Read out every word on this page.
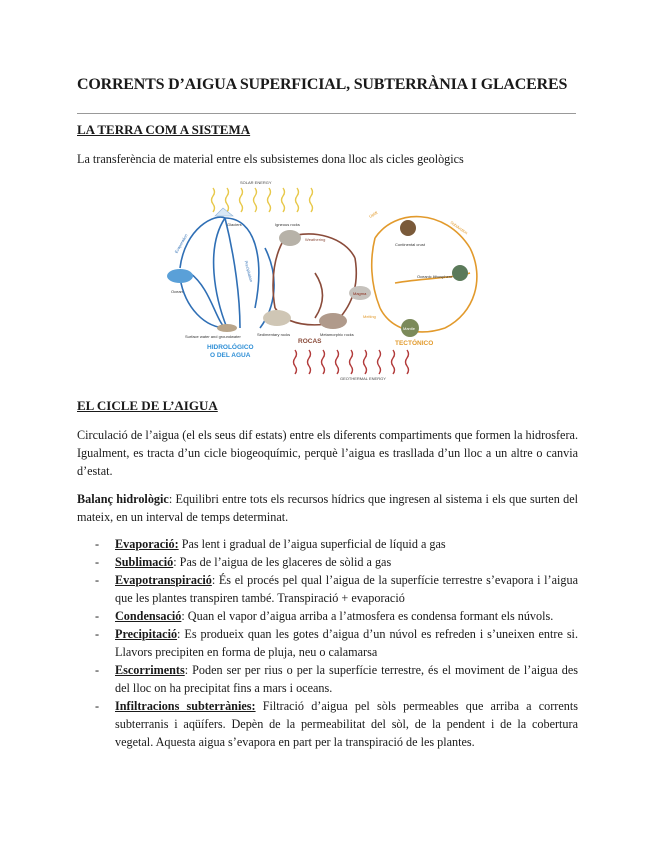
CORRENTS D’AIGUA SUPERFICIAL, SUBTERRÀNIA I GLACERES
LA TERRA COM A SISTEMA

La transferència de material entre els subsistemes dona lloc als cicles geològics

SOLAR ENERGY
Ocean
Glaciers
Surface water and groundwater
Evaporation
Precipitation
Igneous rocks
Sedimentary rocks	Metamorphic rocks
Magma
Weathering
Continental crust
Oceanic lithosphere
Mantle
Subduction
Uplift
Melting
GEOTHERMAL ENERGY
HIDROLÓGICO
O DEL AGUA
ROCAS	TECTÓNICO
EL CICLE DE L’AIGUA

Circulació de l’aigua (el els seus dif estats) entre els diferents compartiments que formen la hidrosfera. Igualment, es tracta d’un cicle biogeoquímic, perquè l’aigua es trasllada d’un lloc a un altre o canvia d’estat.

Balanç hidrològic: Equilibri entre tots els recursos hídrics que ingresen al sistema i els que surten del mateix, en un interval de temps determinat.

- Evaporació: Pas lent i gradual de l’aigua superficial de líquid a gas
- Sublimació: Pas de l’aigua de les glaceres de sòlid a gas
- Evapotranspiració: És el procés pel qual l’aigua de la superfície terrestre s’evapora i l’aigua que les plantes transpiren també. Transpiració + evaporació
- Condensació: Quan el vapor d’aigua arriba a l’atmosfera es condensa formant els núvols.
- Precipitació: Es produeix quan les gotes d’aigua d’un núvol es refreden i s’uneixen entre si. Llavors precipiten en forma de pluja, neu o calamarsa
- Escorriments: Poden ser per rius o per la superfície terrestre, és el moviment de l’aigua des del lloc on ha precipitat fins a mars i oceans.
- Infiltracions subterrànies: Filtració d’aigua pel sòls permeables que arriba a corrents subterranis i aqüífers. Depèn de la permeabilitat del sòl, de la pendent i de la cobertura vegetal. Aquesta aigua s’evapora en part per la transpiració de les plantes.
